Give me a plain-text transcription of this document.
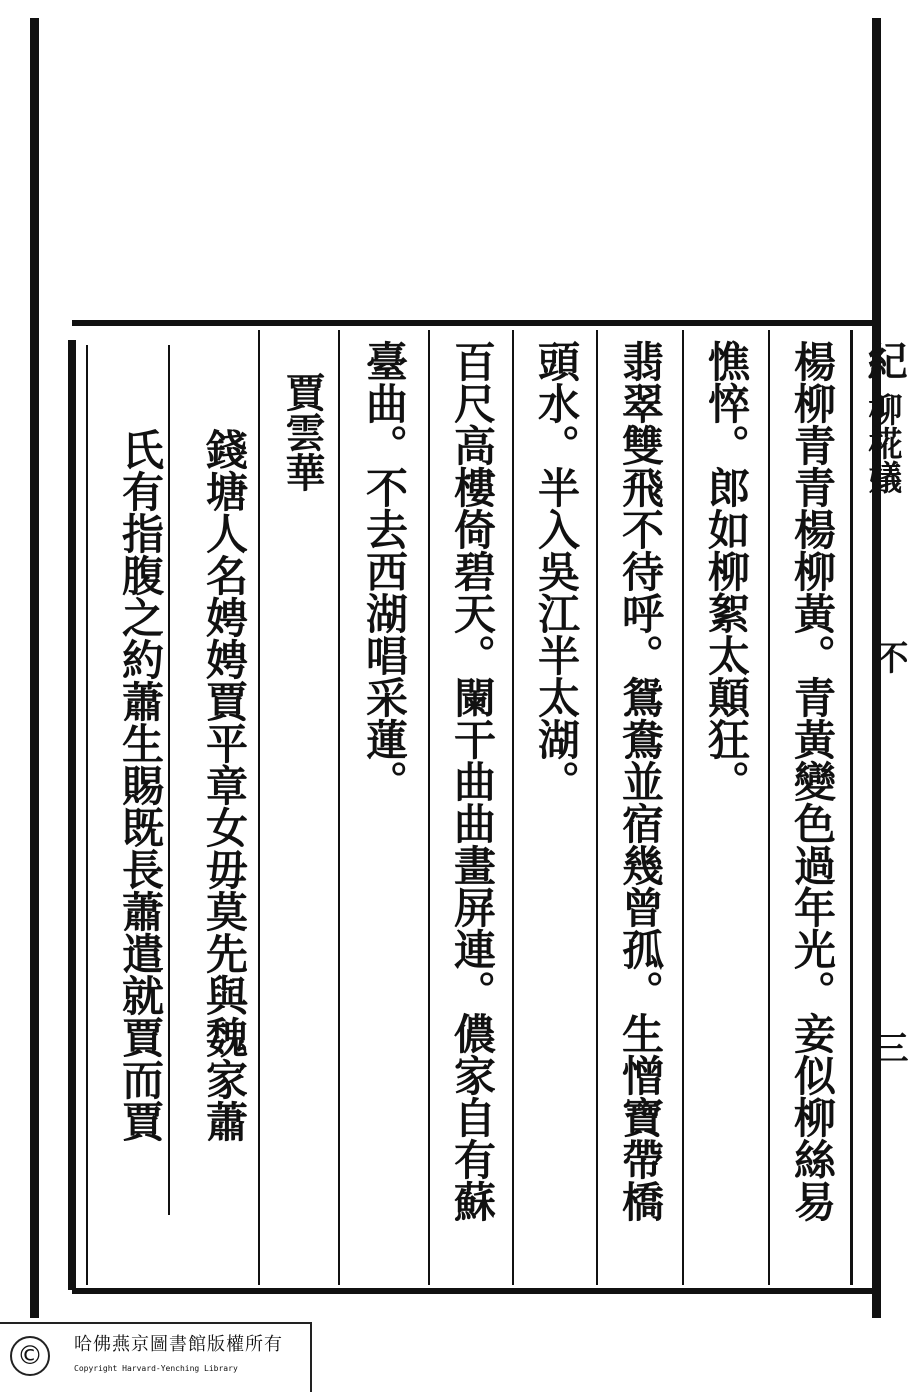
紀
柳椛嬟
不
三
楊柳青青楊柳黃。青黃變色過年光。妾似柳絲易
憔悴。郎如柳絮太顛狂。
翡翠雙飛不待呼。鴛鴦並宿幾曾孤。生憎寶帶橋
頭水。半入吳江半太湖。
百尺高樓倚碧天。闌干曲曲畫屏連。儂家自有蘇
臺曲。不去西湖唱采蓮。
賈雲華
錢塘人名娉娉賈平章女毋莫先與魏家蕭
氏有指腹之約蕭生賜既長蕭遣就賈而賈
©	哈佛燕京圖書館版權所有
Copyright Harvard-Yenching Library
